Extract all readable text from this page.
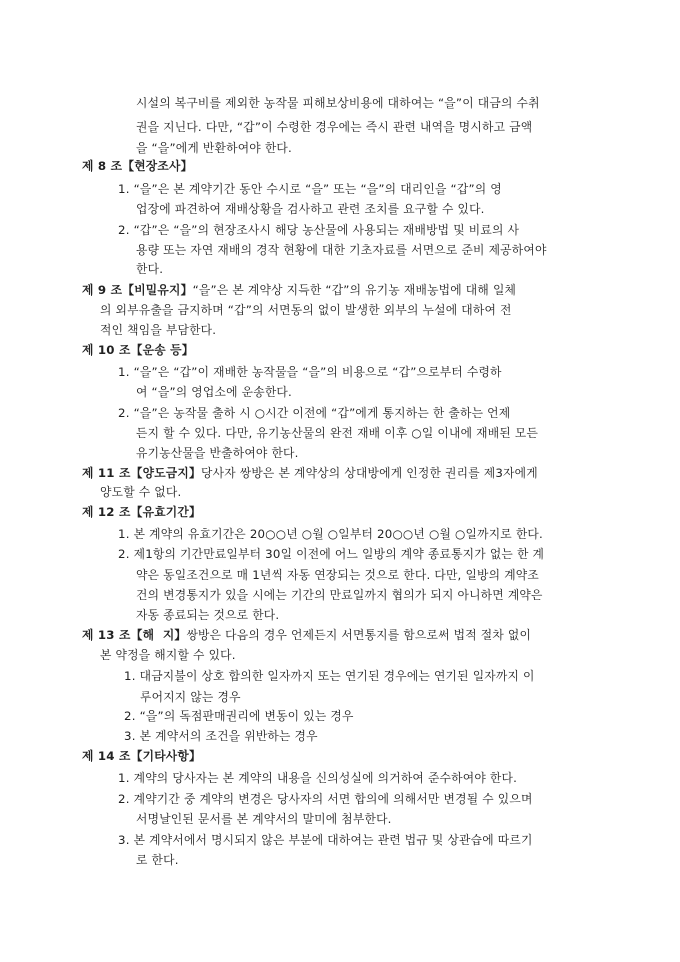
시설의 복구비를 제외한 농작물 피해보상비용에 대하여는 “을”이 대금의 수취
권을 지닌다. 다만, “갑”이 수령한 경우에는 즉시 관련 내역을 명시하고 금액
을 “을”에게 반환하여야 한다.
제 8 조【현장조사】
1. “을”은 본 계약기간 동안 수시로 “을” 또는 “을”의 대리인을 “갑”의 영
업장에 파견하여 재배상황을 검사하고 관련 조치를 요구할 수 있다.
2. “갑”은 “을”의 현장조사시 해당 농산물에 사용되는 재배방법 및 비료의 사
용량 또는 자연 재배의 경작 현황에 대한 기초자료를 서면으로 준비 제공하여야
한다.
제 9 조【비밀유지】“을”은 본 계약상 지득한 “갑”의 유기농 재배농법에 대해 일체
의 외부유출을 금지하며 “갑”의 서면동의 없이 발생한 외부의 누설에 대하여 전
적인 책임을 부담한다.
제 10 조【운송 등】
1. “을”은 “갑”이 재배한 농작물을 “을”의 비용으로 “갑”으로부터 수령하
여 “을”의 영업소에 운송한다.
2. “을”은 농작물 출하 시 ○시간 이전에 “갑”에게 통지하는 한 출하는 언제
든지 할 수 있다. 다만, 유기농산물의 완전 재배 이후 ○일 이내에 재배된 모든
유기농산물을 반출하여야 한다.
제 11 조【양도금지】당사자 쌍방은 본 계약상의 상대방에게 인정한 권리를 제3자에게
양도할 수 없다.
제 12 조【유효기간】
1. 본 계약의 유효기간은 20○○년 ○월 ○일부터 20○○년 ○월 ○일까지로 한다.
2. 제1항의 기간만료일부터 30일 이전에 어느 일방의 계약 종료통지가 없는 한 계
약은 동일조건으로 매 1년씩 자동 연장되는 것으로 한다. 다만, 일방의 계약조
건의 변경통지가 있을 시에는 기간의 만료일까지 협의가 되지 아니하면 계약은
자동 종료되는 것으로 한다.
제 13 조【해  지】쌍방은 다음의 경우 언제든지 서면통지를 함으로써 법적 절차 없이
본 약정을 해지할 수 있다.
1. 대금지불이 상호 합의한 일자까지 또는 연기된 경우에는 연기된 일자까지 이
루어지지 않는 경우
2. “을”의 독점판매권리에 변동이 있는 경우
3. 본 계약서의 조건을 위반하는 경우
제 14 조【기타사항】
1. 계약의 당사자는 본 계약의 내용을 신의성실에 의거하여 준수하여야 한다.
2. 계약기간 중 계약의 변경은 당사자의 서면 합의에 의해서만 변경될 수 있으며
서명날인된 문서를 본 계약서의 말미에 첨부한다.
3. 본 계약서에서 명시되지 않은 부분에 대하여는 관련 법규 및 상관습에 따르기
로 한다.
